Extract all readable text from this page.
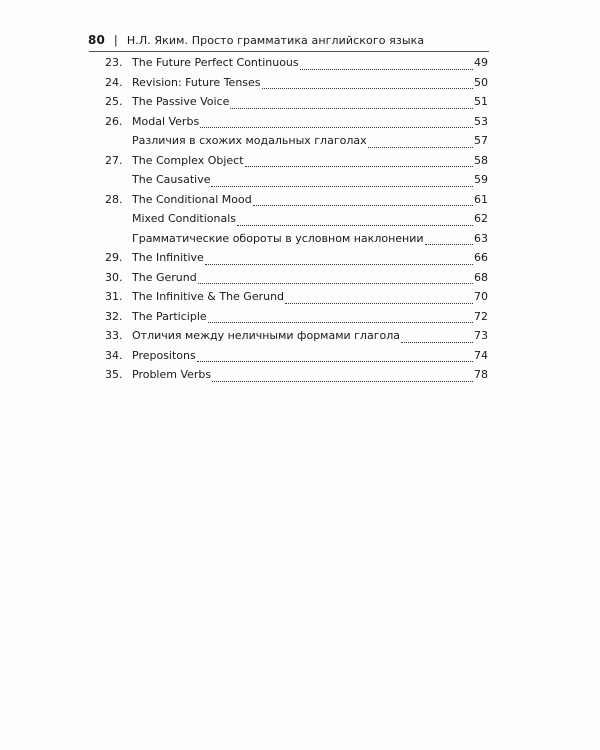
80 | Н.Л. Яким. Просто грамматика английского языка
23. The Future Perfect Continuous	49
24. Revision: Future Tenses	50
25. The Passive Voice	51
26. Modal Verbs	53
Различия в схожих модальных глаголах	57
27. The Complex Object	58
The Causative	59
28. The Conditional Mood	61
Mixed Conditionals	62
Грамматические обороты в условном наклонении	63
29. The Infinitive	66
30. The Gerund	68
31. The Infinitive & The Gerund	70
32. The Participle	72
33. Отличия между неличными формами глагола	73
34. Prepositons	74
35. Problem Verbs	78
